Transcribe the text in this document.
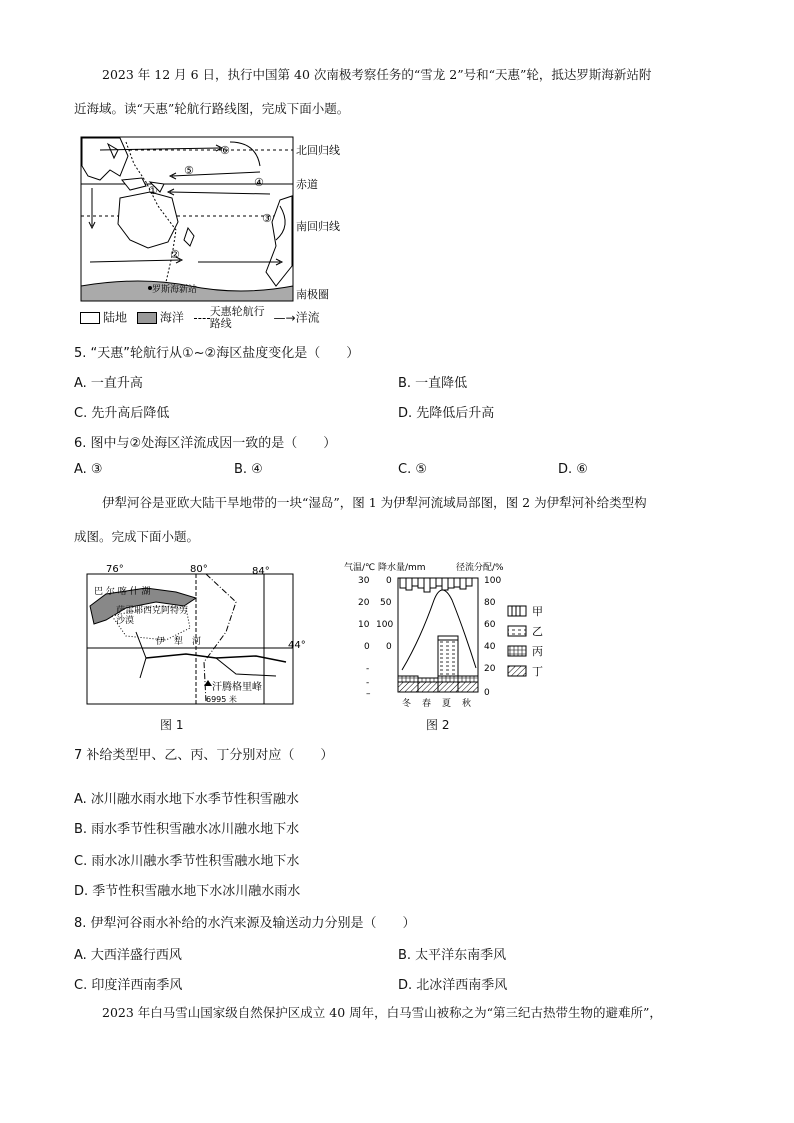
2023 年 12 月 6 日，执行中国第 40 次南极考察任务的“雪龙 2”号和“天惠”轮，抵达罗斯海新站附
近海域。读“天惠”轮航行路线图，完成下面小题。
①
②
③
④
⑤
⑥
罗斯海新站
北回归线
赤道
南回归线
南极圈
陆地	海洋 天惠轮航行路线	—→洋流
5. “天惠”轮航行从①~②海区盐度变化是（　　）
A. 一直升高	B. 一直降低
C. 先升高后降低	D. 先降低后升高
6. 图中与②处海区洋流成因一致的是（　　）
A. ③	B. ④	C. ⑤	D. ⑥
伊犁河谷是亚欧大陆干旱地带的一块“湿岛”，图 1 为伊犁河流域局部图，图 2 为伊犁河补给类型构
成图。完成下面小题。
76°	80°	84°
44°
巴 尔 喀 什 湖
萨雷耶西克阿特劳沙漠
伊　犁　河
汗腾格里峰
6995 米
图 1
气温/℃ 降水量/mm	径流分配/%
30
20
10
0
-
-
–
0
50
100
0
100
80
60
40
20
0
冬 春 夏 秋
甲
乙
丙
丁
图 2
7 补给类型甲、乙、丙、丁分别对应（　　）
A. 冰川融水雨水地下水季节性积雪融水
B. 雨水季节性积雪融水冰川融水地下水
C. 雨水冰川融水季节性积雪融水地下水
D. 季节性积雪融水地下水冰川融水雨水
8. 伊犁河谷雨水补给的水汽来源及输送动力分别是（　　）
A. 大西洋盛行西风	B. 太平洋东南季风
C. 印度洋西南季风	D. 北冰洋西南季风
2023 年白马雪山国家级自然保护区成立 40 周年，白马雪山被称之为“第三纪古热带生物的避难所”，
